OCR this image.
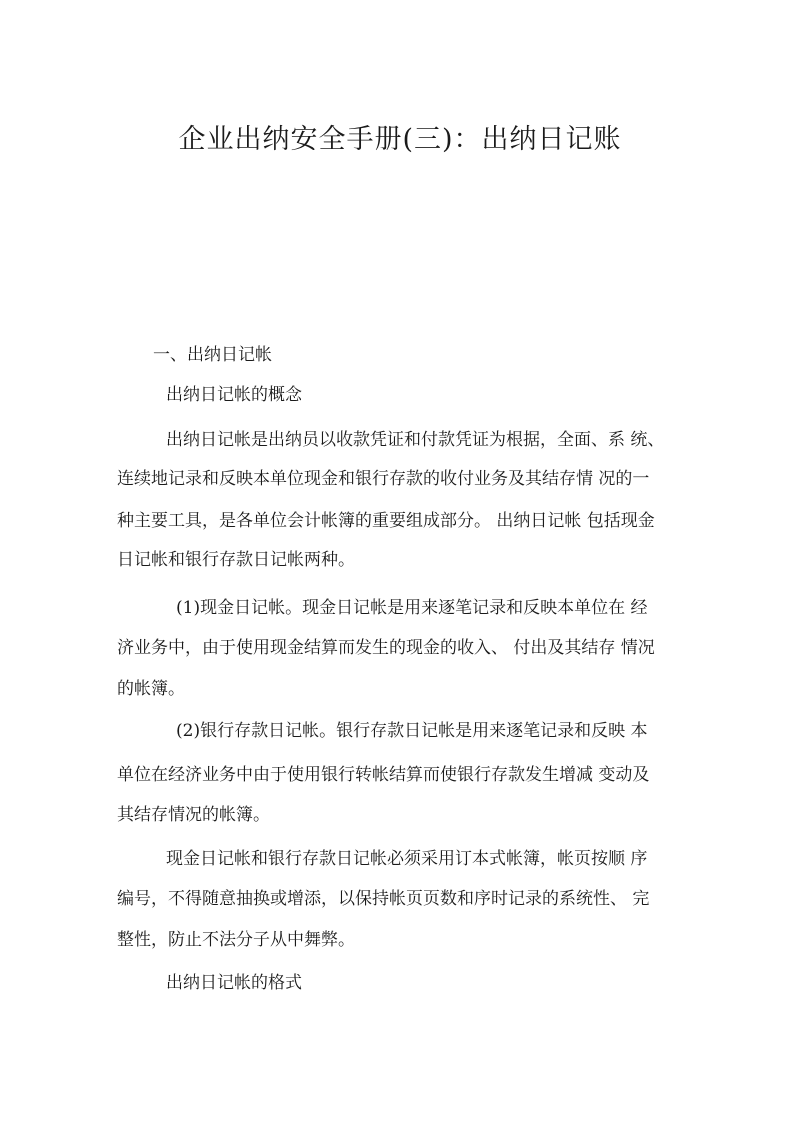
企业出纳安全手册(三)：出纳日记账
一、出纳日记帐
出纳日记帐的概念
出纳日记帐是出纳员以收款凭证和付款凭证为根据，全面、系 统、
连续地记录和反映本单位现金和银行存款的收付业务及其结存情 况的一
种主要工具，是各单位会计帐簿的重要组成部分。 出纳日记帐 包括现金
日记帐和银行存款日记帐两种。
(1)现金日记帐。现金日记帐是用来逐笔记录和反映本单位在 经
济业务中，由于使用现金结算而发生的现金的收入、 付出及其结存 情况
的帐簿。
(2)银行存款日记帐。银行存款日记帐是用来逐笔记录和反映 本
单位在经济业务中由于使用银行转帐结算而使银行存款发生增减 变动及
其结存情况的帐簿。
现金日记帐和银行存款日记帐必须采用订本式帐簿，帐页按顺 序
编号，不得随意抽换或增添，以保持帐页页数和序时记录的系统性、 完
整性，防止不法分子从中舞弊。
出纳日记帐的格式
